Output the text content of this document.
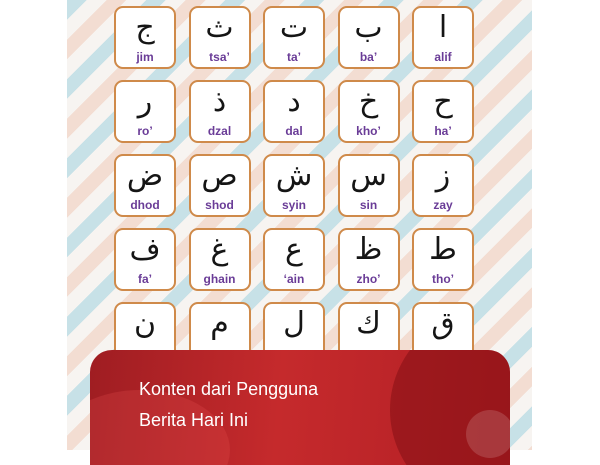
ج
jim
ث
tsa’
ت
ta’
ب
ba’
ا
alif
ر
ro’
ذ
dzal
د
dal
خ
kho’
ح
ha’
ض
dhod
ص
shod
ش
syin
س
sin
ز
zay
ف
fa’
غ
ghain
ع
‘ain
ظ
zho’
ط
tho’
ن	م	ل	ك	ق
Konten dari Pengguna
Berita Hari Ini
